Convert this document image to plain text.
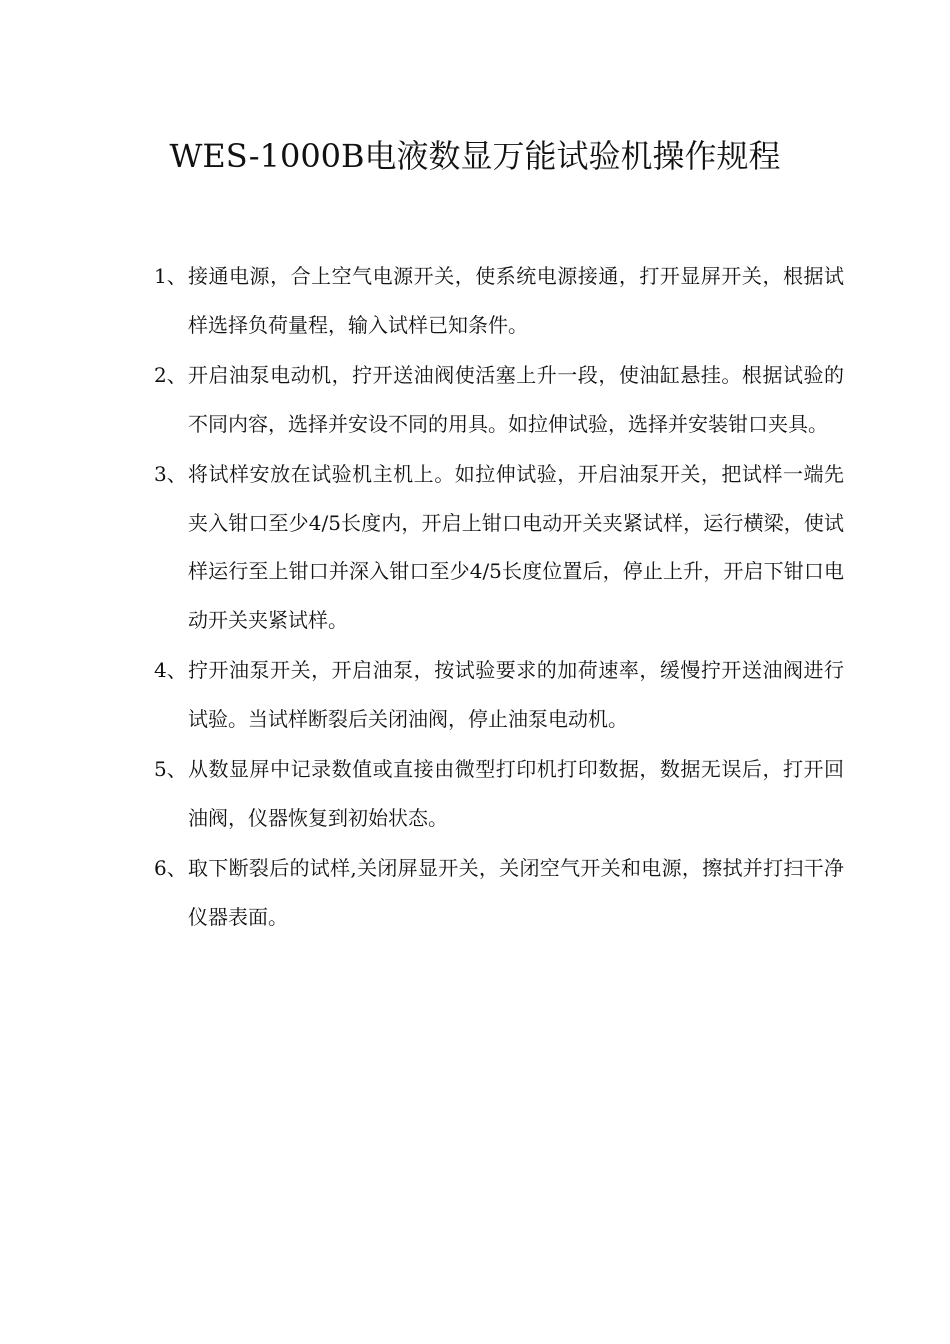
WES-1000B电液数显万能试验机操作规程
1、 接通电源，合上空气电源开关，使系统电源接通，打开显屏开关，根据试样选择负荷量程，输入试样已知条件。
2、 开启油泵电动机，拧开送油阀使活塞上升一段，使油缸悬挂。根据试验的不同内容，选择并安设不同的用具。如拉伸试验，选择并安装钳口夹具。
3、 将试样安放在试验机主机上。如拉伸试验，开启油泵开关，把试样一端先夹入钳口至少4/5长度内，开启上钳口电动开关夹紧试样，运行横梁，使试样运行至上钳口并深入钳口至少4/5长度位置后，停止上升，开启下钳口电动开关夹紧试样。
4、 拧开油泵开关，开启油泵，按试验要求的加荷速率，缓慢拧开送油阀进行试验。当试样断裂后关闭油阀，停止油泵电动机。
5、 从数显屏中记录数值或直接由微型打印机打印数据，数据无误后，打开回油阀，仪器恢复到初始状态。
6、 取下断裂后的试样,关闭屏显开关，关闭空气开关和电源，擦拭并打扫干净仪器表面。
